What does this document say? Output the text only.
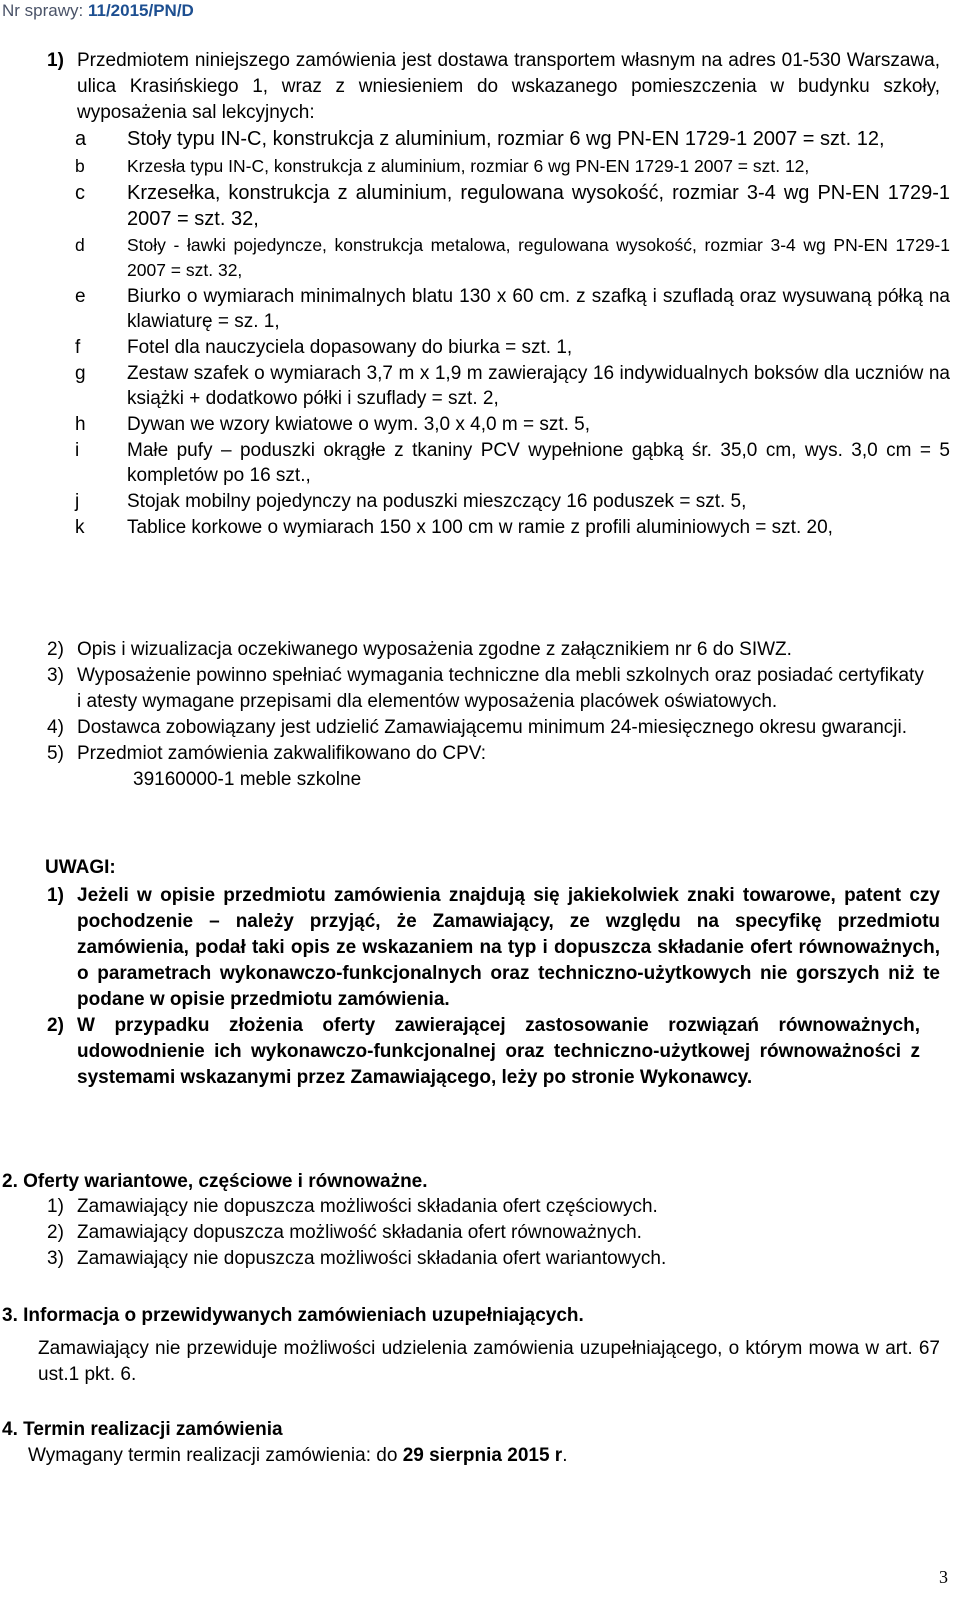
Nr sprawy: 11/2015/PN/D
1) Przedmiotem niniejszego zamówienia jest dostawa transportem własnym na adres 01-530 Warszawa, ulica Krasińskiego 1, wraz z wniesieniem do wskazanego pomieszczenia w budynku szkoły, wyposażenia sal lekcyjnych:
a Stoły typu IN-C, konstrukcja z aluminium, rozmiar 6 wg PN-EN 1729-1 2007 = szt. 12,
b Krzesła typu IN-C, konstrukcja z aluminium, rozmiar 6 wg PN-EN 1729-1 2007 = szt. 12,
c Krzesełka, konstrukcja z aluminium, regulowana wysokość, rozmiar 3-4 wg PN-EN 1729-1 2007 = szt. 32,
d Stoły - ławki pojedyncze, konstrukcja metalowa, regulowana wysokość, rozmiar 3-4 wg PN-EN 1729-1 2007 = szt. 32,
e Biurko o wymiarach minimalnych blatu 130 x 60 cm. z szafką i szufladą oraz wysuwaną półką na klawiaturę = sz. 1,
f Fotel dla nauczyciela dopasowany do biurka = szt. 1,
g Zestaw szafek o wymiarach 3,7 m x 1,9 m zawierający 16 indywidualnych boksów dla uczniów na książki + dodatkowo półki i szuflady = szt. 2,
h Dywan we wzory kwiatowe o wym. 3,0 x 4,0 m = szt. 5,
i	Małe pufy – poduszki okrągłe z tkaniny PCV wypełnione gąbką śr. 35,0 cm, wys. 3,0 cm = 5 kompletów po 16 szt.,
j	Stojak mobilny pojedynczy na poduszki mieszczący 16 poduszek = szt. 5,
k Tablice korkowe o wymiarach 150 x 100 cm w ramie z profili aluminiowych = szt. 20,
2) Opis i wizualizacja oczekiwanego wyposażenia zgodne z załącznikiem nr 6 do SIWZ.
3) Wyposażenie powinno spełniać wymagania techniczne dla mebli szkolnych oraz posiadać certyfikaty i atesty wymagane przepisami dla elementów wyposażenia placówek oświatowych.
4) Dostawca zobowiązany jest udzielić Zamawiającemu minimum 24-miesięcznego okresu gwarancji.
5) Przedmiot zamówienia zakwalifikowano do CPV:
39160000-1 meble szkolne
UWAGI:
1) Jeżeli w opisie przedmiotu zamówienia znajdują się jakiekolwiek znaki towarowe, patent czy pochodzenie – należy przyjąć, że Zamawiający, ze względu na specyfikę przedmiotu zamówienia, podał taki opis ze wskazaniem na typ i dopuszcza składanie ofert równoważnych, o parametrach wykonawczo-funkcjonalnych oraz techniczno-użytkowych nie gorszych niż te podane w opisie przedmiotu zamówienia.
2) W przypadku złożenia oferty zawierającej zastosowanie rozwiązań równoważnych, udowodnienie ich wykonawczo-funkcjonalnej oraz techniczno-użytkowej równoważności z systemami wskazanymi przez Zamawiającego, leży po stronie Wykonawcy.
2. Oferty wariantowe, częściowe i równoważne.
1) Zamawiający nie dopuszcza możliwości składania ofert częściowych.
2) Zamawiający dopuszcza możliwość składania ofert równoważnych.
3) Zamawiający nie dopuszcza możliwości składania ofert wariantowych.
3. Informacja o przewidywanych zamówieniach uzupełniających.
Zamawiający nie przewiduje możliwości udzielenia zamówienia uzupełniającego, o którym mowa w art. 67 ust.1 pkt. 6.
4. Termin realizacji zamówienia
Wymagany termin realizacji zamówienia: do 29 sierpnia 2015 r.
3
